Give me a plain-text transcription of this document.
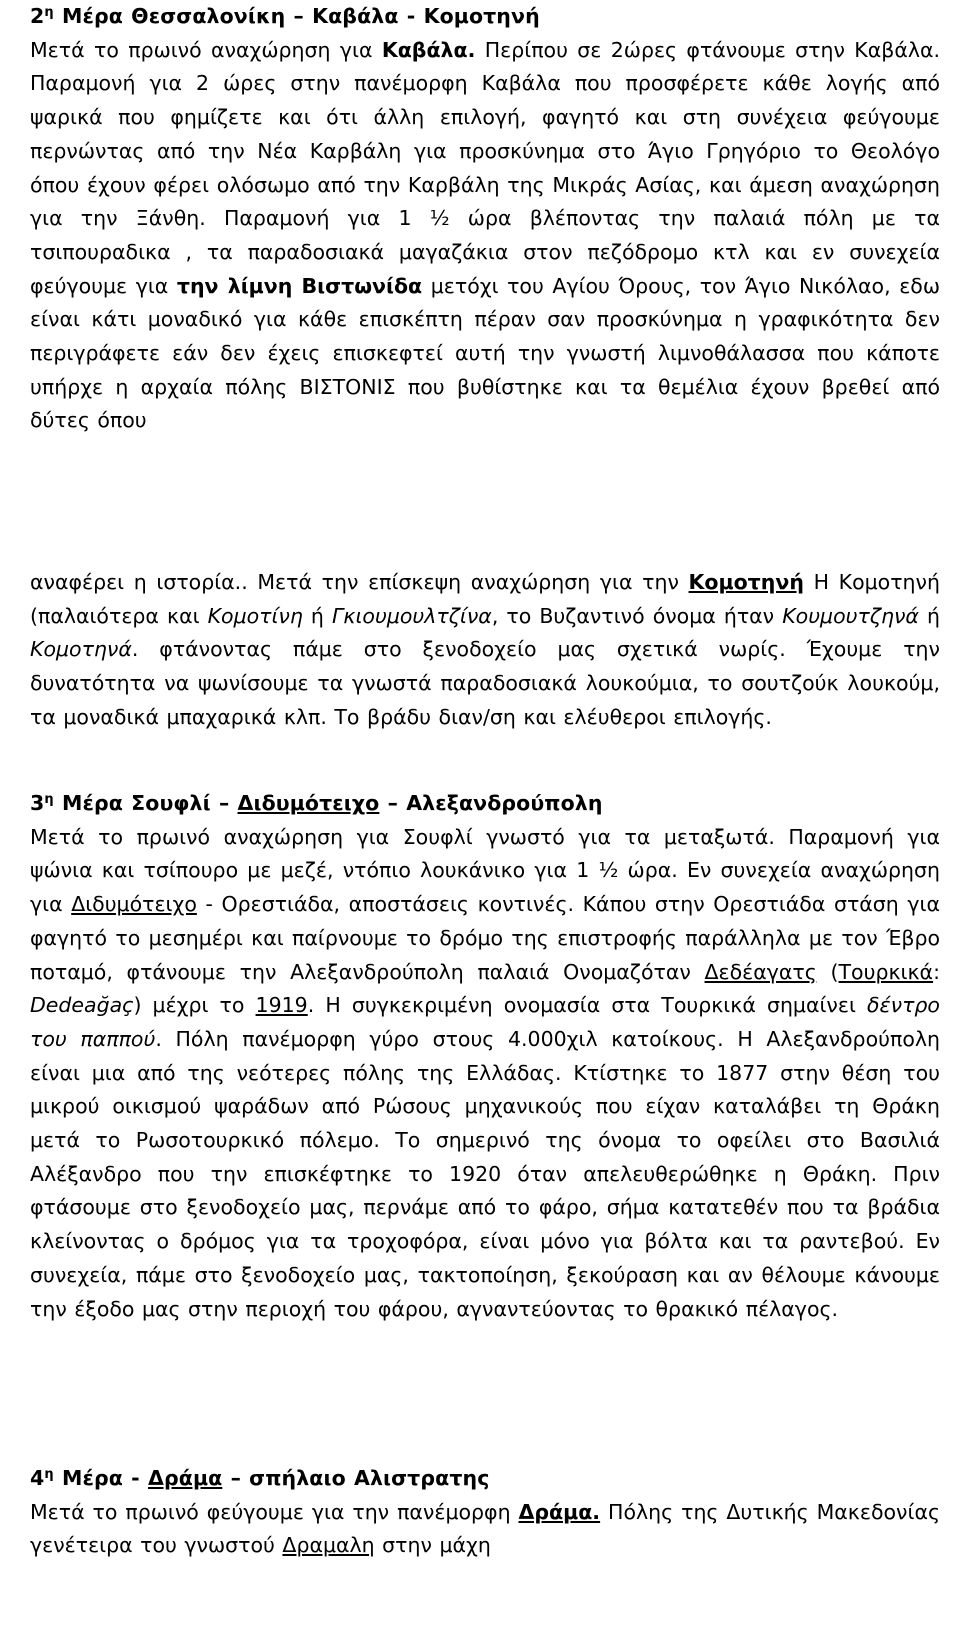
$2^\eta$ Μέρα Θεσσαλονίκη – Καβάλα - Κομοτηνή

Μετά το πρωινό αναχώρηση για Καβάλα. Περίπου σε 2ώρες φτάνουμε στην Καβάλα. Παραμονή για 2 ώρες στην πανέμορφη Καβάλα που προσφέρετε κάθε λογής από ψαρικά που φημίζετε και ότι άλλη επιλογή, φαγητό και στη συνέχεια φεύγουμε περνώντας από την Νέα Καρβάλη για προσκύνημα στο Άγιο Γρηγόριο το Θεολόγο όπου έχουν φέρει ολόσωμο από την Καρβάλη της Μικράς Ασίας, και άμεση αναχώρηση για την Ξάνθη. Παραμονή για 1 ½ ώρα βλέποντας την παλαιά πόλη με τα τσιπουραδικα , τα παραδοσιακά μαγαζάκια στον πεζόδρομο κτλ και εν συνεχεία φεύγουμε για την λίμνη Βιστωνίδα μετόχι του Αγίου Όρους, τον Άγιο Νικόλαο, εδω είναι κάτι μοναδικό για κάθε επισκέπτη πέραν σαν προσκύνημα η γραφικότητα δεν περιγράφετε εάν δεν έχεις επισκεφτεί αυτή την γνωστή λιμνοθάλασσα που κάποτε υπήρχε η αρχαία πόλης ΒΙΣΤΟΝΙΣ που βυθίστηκε και τα θεμέλια έχουν βρεθεί από δύτες όπου

αναφέρει η ιστορία.. Μετά την επίσκεψη αναχώρηση για την Κομοτηνή Η Κομοτηνή (παλαιότερα και Κομοτίνη ή Γκιουμουλτζίνα, το Βυζαντινό όνομα ήταν Κουμουτζηνά ή Κομοτηνά. φτάνοντας πάμε στο ξενοδοχείο μας σχετικά νωρίς. Έχουμε την δυνατότητα να ψωνίσουμε τα γνωστά παραδοσιακά λουκούμια, το σουτζούκ λουκούμ, τα μοναδικά μπαχαρικά κλπ. Το βράδυ διαν/ση και ελέυθεροι επιλογής.

$3^\eta$ Μέρα Σουφλί – Διδυμότειχο – Αλεξανδρούπολη

Μετά το πρωινό αναχώρηση για Σουφλί γνωστό για τα μεταξωτά. Παραμονή για ψώνια και τσίπουρο με μεζέ, ντόπιο λουκάνικο για 1 ½ ώρα. Εν συνεχεία αναχώρηση για Διδυμότειχο - Ορεστιάδα, αποστάσεις κοντινές. Κάπου στην Ορεστιάδα στάση για φαγητό το μεσημέρι και παίρνουμε το δρόμο της επιστροφής παράλληλα με τον Έβρο ποταμό, φτάνουμε την Αλεξανδρούπολη παλαιά Ονομαζόταν Δεδέαγατς (Τουρκικά: Dedeağaç) μέχρι το 1919. Η συγκεκριμένη ονομασία στα Τουρκικά σημαίνει δέντρο του παππού. Πόλη πανέμορφη γύρο στους 4.000χιλ κατοίκους. Η Αλεξανδρούπολη είναι μια από της νεότερες πόλης της Ελλάδας. Κτίστηκε το 1877 στην θέση του μικρού οικισμού ψαράδων από Ρώσους μηχανικούς που είχαν καταλάβει τη Θράκη μετά το Ρωσοτουρκικό πόλεμο. Το σημερινό της όνομα το οφείλει στο Βασιλιά Αλέξανδρο που την επισκέφτηκε το 1920 όταν απελευθερώθηκε η Θράκη. Πριν φτάσουμε στο ξενοδοχείο μας, περνάμε από το φάρο, σήμα κατατεθέν που τα βράδια κλείνοντας ο δρόμος για τα τροχοφόρα, είναι μόνο για βόλτα και τα ραντεβού. Εν συνεχεία, πάμε στο ξενοδοχείο μας, τακτοποίηση, ξεκούραση και αν θέλουμε κάνουμε την έξοδο μας στην περιοχή του φάρου, αγναντεύοντας το θρακικό πέλαγος.

$4^\eta$ Μέρα - Δράμα – σπήλαιο Αλιστρατης

Μετά το πρωινό φεύγουμε για την πανέμορφη Δράμα. Πόλης της Δυτικής Μακεδονίας γενέτειρα του γνωστού Δραμαλη στην μάχη
